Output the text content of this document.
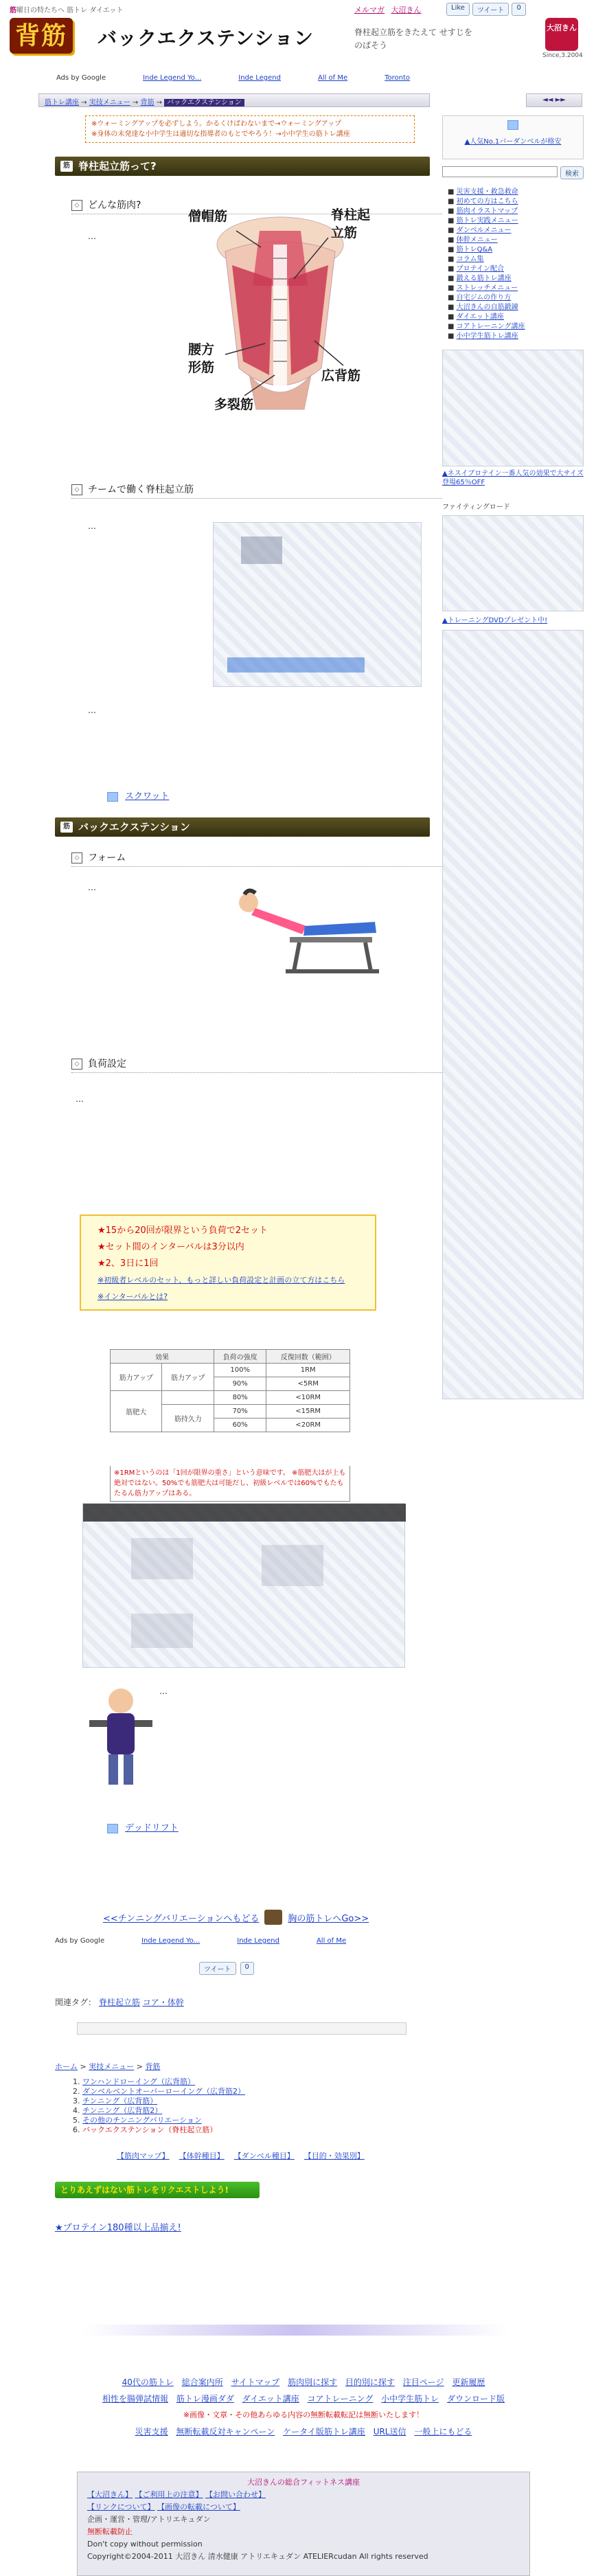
筋曜日の特たちへ 筋トレ ダイエット
背筋	バックエクステンション
メルマガ 大沼きん	Like	ツイート	0
脊柱起立筋をきたえて せすじをのばそう
大沼きん
Since,3.2004
Ads by Google	Inde Legend Yo...	Inde Legend	All of Me	Toronto
筋トレ講座 → 実技メニュー → 背筋 → バックエクステンション	◄◄ ►►
※ウォーミングアップを必ずしよう。かるくけばわないまで→ウォーミングアップ
※身体の未発達な小中学生は適切な指導者のもとでやろう！→小中学生の筋トレ講座
筋 脊柱起立筋って?
◇ どんな筋肉?
…
僧帽筋	脊柱起立筋
腰方形筋
広背筋
多裂筋
◇ チームで働く脊柱起立筋
…
…
スクワット
筋 バックエクステンション
◇ フォーム
…
◇ 負荷設定
…
★15から20回が限界という負荷で2セット
★セット間のインターバルは3分以内
★2、3日に1回
※初級者レベルのセット、もっと詳しい負荷設定と計画の立て方はこちら
※インターバルとは?
効果		負荷の強度	反復回数（範囲）
筋力アップ	筋力アップ	100%	1RM
		90%	<5RM
筋肥大		80%	<10RM
	筋持久力	70%	<15RM
		60%	<20RM
※1RMというのは「1回が限界の重さ」という意味です。 ※筋肥大はが上も絶対ではない。50%でも筋肥大は可能だし、初級レベルでは60%でもたもたるん筋力アップはある。
…
デッドリフト
<<チンニングバリエーションへもどる	胸の筋トレへGo>>
Ads by Google	Inde Legend Yo...	Inde Legend	All of Me
ツイート	0
関連タグ： 脊柱起立筋 コア・体幹
ホーム > 実技メニュー > 背筋
1. ワンハンドローイング（広背筋）
2. ダンベルベントオーバーローイング（広背筋2）
3. チンニング（広背筋）
4. チンニング（広背筋2）
5. その他のチンニングバリエーション
6. バックエクステンション（脊柱起立筋）
【筋肉マップ】 【体幹種目】 【ダンベル種目】 【目的・効果別】
とりあえずはない筋トレをリクエストしよう!
★プロテイン180種以上品揃え!
▲人気No.1バーダンベルが格安
検索
■ 災害支援・救急救命
■ 初めての方はこちら
■ 筋肉イラストマップ
■ 筋トレ実践メニュー
■ ダンベルメニュー
■ 体幹メニュー
■ 筋トレQ&A
■ コラム集
■ プロテイン配合
■ 鍛える筋トレ講座
■ ストレッチメニュー
■ 自宅ジムの作り方
■ 大沼きんの自筋鍛錬
■ ダイエット講座
■ コアトレーニング講座
■ 小中学生筋トレ講座
▲ネスイブロテイン一番人気の効果で大サイズ登場65％OFF
ファイティングロード
▲トレーニングDVDプレゼント中!
40代の筋トレ 総合案内所 サイトマップ 筋肉別に探す 目的別に探す 注目ページ 更新履歴
相性を腸弾試情報 筋トレ漫画ダダ ダイエット講座 コアトレーニング 小中学生筋トレ ダウンロード版
※画像・文章・その他あらゆる内容の無断転載転記は無断いたします！
災害支援 無断転載反対キャンペーン ケータイ版筋トレ講座 URL送信 一般上にもどる
大沼きんの総合フィットネス講座
【大沼きん】 【ご利用上の注意】 【お問い合わせ】
【リンクについて】 【画像の転載について】
企画・運営・管理/アトリエキュダン
無断転載防止
Don't copy without permission
Copyright©2004-2011 大沼きん 清水健康 アトリエキュダン ATELIERcudan All rights reserved
